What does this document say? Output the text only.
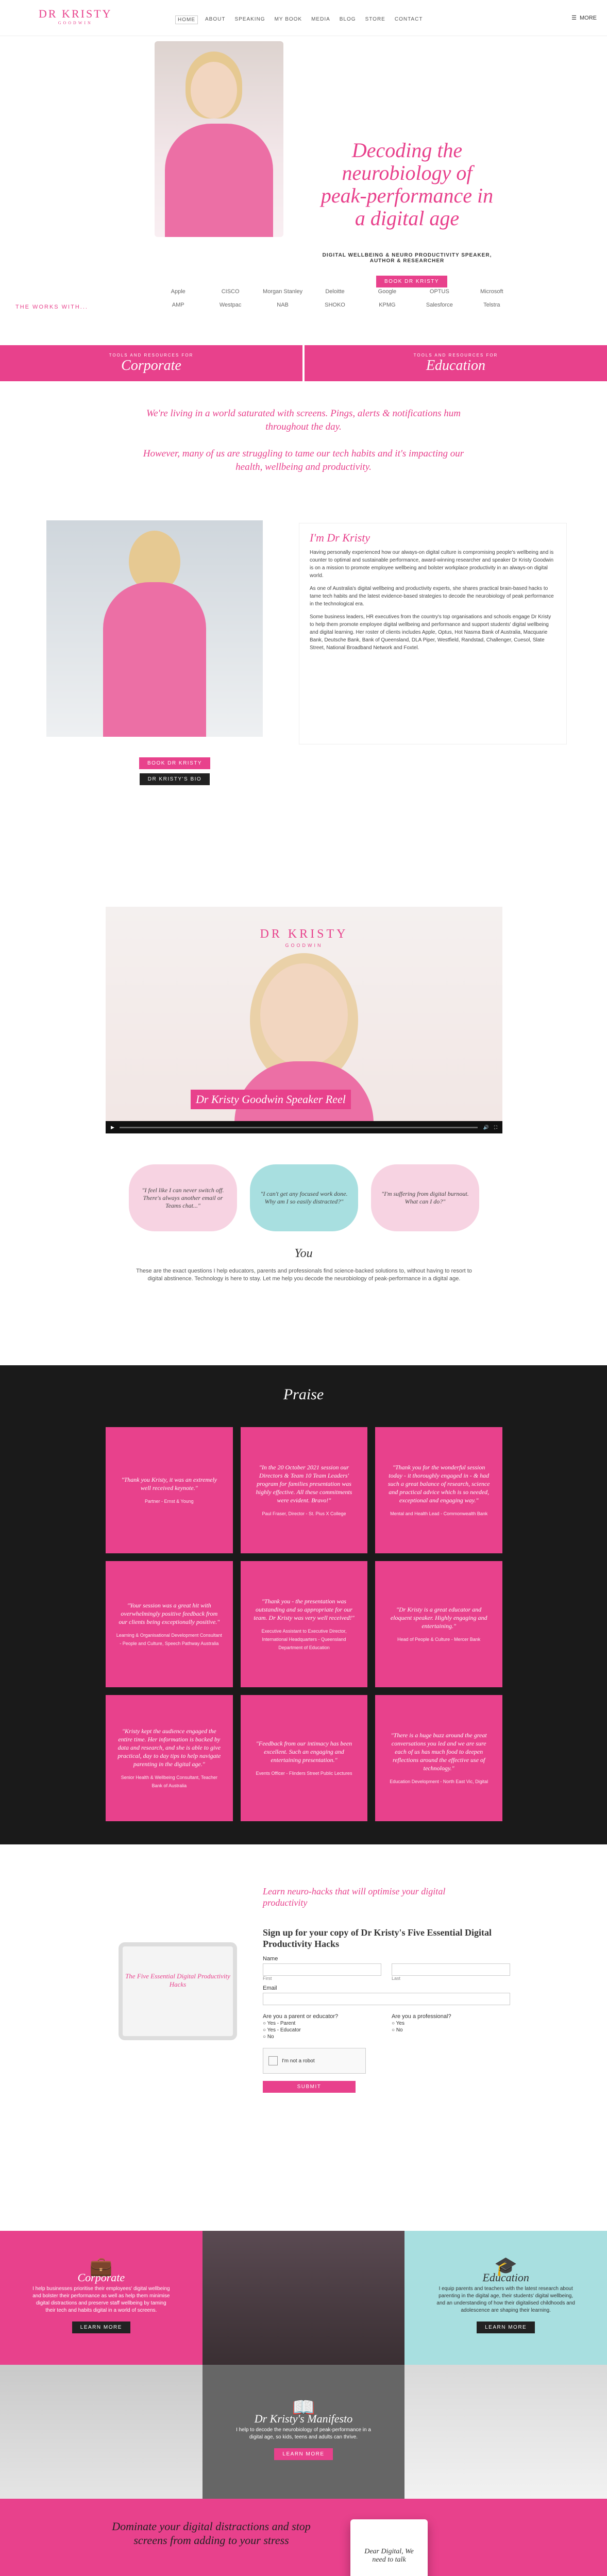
DR KRISTY
GOODWIN
HOME	ABOUT	SPEAKING	MY BOOK	MEDIA	BLOG	STORE	CONTACT	☰ MORE
Decoding the neurobiology of peak-performance in a digital age
DIGITAL WELLBEING & NEURO PRODUCTIVITY SPEAKER, AUTHOR & RESEARCHER
BOOK DR KRISTY
THE WORKS WITH...
Apple	CISCO	Morgan Stanley	Deloitte	Google	OPTUS	Microsoft
AMP	Westpac	NAB	SHOKO	KPMG	Salesforce	Telstra
TOOLS AND RESOURCES FOR
Corporate
TOOLS AND RESOURCES FOR
Education

We're living in a world saturated with screens. Pings, alerts & notifications hum throughout the day.

However, many of us are struggling to tame our tech habits and it's impacting our health, wellbeing and productivity.

I'm Dr Kristy

Having personally experienced how our always-on digital culture is compromising people's wellbeing and is counter to optimal and sustainable performance, award-winning researcher and speaker Dr Kristy Goodwin is on a mission to promote employee wellbeing and bolster workplace productivity in an always-on digital world.

As one of Australia's digital wellbeing and productivity experts, she shares practical brain-based hacks to tame tech habits and the latest evidence-based strategies to decode the neurobiology of peak performance in the technological era.

Some business leaders, HR executives from the country's top organisations and schools engage Dr Kristy to help them promote employee digital wellbeing and performance and support students' digital wellbeing and digital learning. Her roster of clients includes Apple, Optus, Hot Nasma Bank of Australia, Macquarie Bank, Deutsche Bank, Bank of Queensland, DLA Piper, Westfield, Randstad, Challenger, Cuesol, Slate Street, National Broadband Network and Foxtel.

BOOK DR KRISTY
DR KRISTY'S BIO
DR KRISTY
GOODWIN
Dr Kristy Goodwin Speaker Reel
▶	🔊 ⛶
"I feel like I can never switch off. There's always another email or Teams chat..."
"I can't get any focused work done. Why am I so easily distracted?"
"I'm suffering from digital burnout. What can I do?"
You
These are the exact questions I help educators, parents and professionals find science-backed solutions to, without having to resort to digital abstinence. Technology is here to stay. Let me help you decode the neurobiology of peak-performance in a digital age.
Praise
"Thank you Kristy, it was an extremely well received keynote."
Partner - Ernst & Young
"In the 20 October 2021 session our Directors & Team 10 Team Leaders' program for families presentation was highly effective. All these commitments were evident. Bravo!"
Paul Fraser, Director - St. Pius X College
"Thank you for the wonderful session today - it thoroughly engaged in - & had such a great balance of research, science and practical advice which is so needed, exceptional and engaging way."
Mental and Health Lead - Commonwealth Bank
"Your session was a great hit with overwhelmingly positive feedback from our clients being exceptionally positive."
Learning & Organisational Development Consultant - People and Culture, Speech Pathway Australia
"Thank you - the presentation was outstanding and so appropriate for our team. Dr Kristy was very well received!"
Executive Assistant to Executive Director, International Headquarters - Queensland Department of Education
"Dr Kristy is a great educator and eloquent speaker. Highly engaging and entertaining."
Head of People & Culture - Mercer Bank
"Kristy kept the audience engaged the entire time. Her information is backed by data and research, and she is able to give practical, day to day tips to help navigate parenting in the digital age."
Senior Health & Wellbeing Consultant, Teacher Bank of Australia
"Feedback from our intimacy has been excellent. Such an engaging and entertaining presentation."
Events Officer - Flinders Street Public Lectures
"There is a huge buzz around the great conversations you led and we are sure each of us has much food to deepen reflections around the effective use of technology."
Education Development - North East Vic, Digital
Learn neuro-hacks that will optimise your digital productivity
The Five Essential Digital Productivity Hacks
Sign up for your copy of Dr Kristy's Five Essential Digital Productivity Hacks
Name
First	Last
Email
Are you a parent or educator?
○ Yes - Parent
○ Yes - Educator
○ No
Are you a professional?
○ Yes
○ No
I'm not a robot
SUBMIT
💼
Corporate

I help businesses prioritise their employees' digital wellbeing and bolster their performance as well as help them minimise digital distractions and preserve staff wellbeing by taming their tech and habits digital in a world of screens.

LEARN MORE
🎓
Education

I equip parents and teachers with the latest research about parenting in the digital age, their students' digital wellbeing, and an understanding of how their digitalised childhoods and adolescence are shaping their learning.

LEARN MORE
📖
Dr Kristy's Manifesto

I help to decode the neurobiology of peak-performance in a digital age, so kids, teens and adults can thrive.

LEARN MORE
Dominate your digital distractions and stop screens from adding to your stress
Dear Digital, We need to talk
